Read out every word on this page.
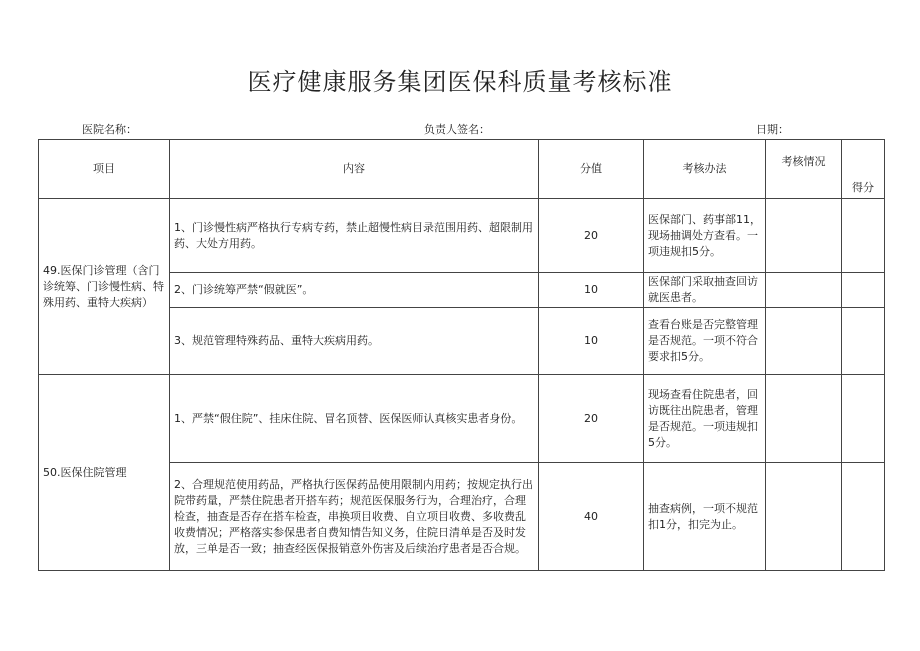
医疗健康服务集团医保科质量考核标准
医院名称：	负责人签名：	日期：
项目	内容	分值	考核办法	考核情况	得分
49.医保门诊管理（含门诊统筹、门诊慢性病、特殊用药、重特大疾病）	1、门诊慢性病严格执行专病专药，禁止超慢性病目录范围用药、超限制用药、大处方用药。	20	医保部门、药事部11，现场抽调处方查看。一项违规扣5分。		
	2、门诊统筹严禁“假就医”。	10	医保部门采取抽查回访就医患者。		
	3、规范管理特殊药品、重特大疾病用药。	10	查看台账是否完整管理是否规范。一项不符合要求扣5分。		
50.医保住院管理	1、严禁“假住院”、挂床住院、冒名顶替、医保医师认真核实患者身份。	20	现场查看住院患者，回访既往出院患者，管理是否规范。一项违规扣5分。		
	2、合理规范使用药品，严格执行医保药品使用限制内用药；按规定执行出院带药量，严禁住院患者开搭车药；规范医保服务行为，合理治疗，合理检查，抽查是否存在搭车检查，串换项目收费、自立项目收费、多收费乱收费情况；严格落实参保患者自费知情告知义务，住院日清单是否及时发放，三单是否一致；抽查经医保报销意外伤害及后续治疗患者是否合规。	40	抽查病例，一项不规范扣1分，扣完为止。		
